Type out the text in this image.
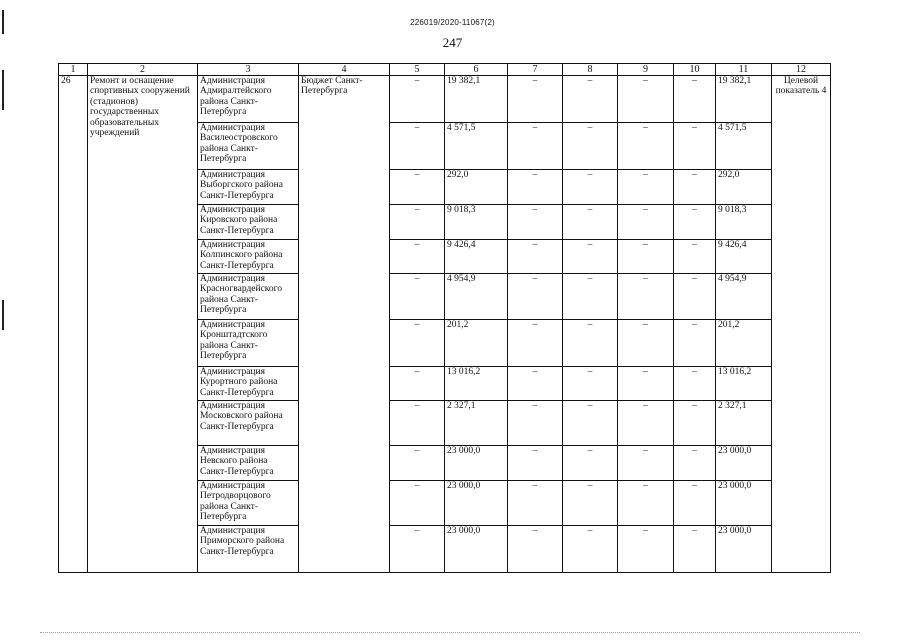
226019/2020-11067(2)
247
1	2	3	4	5	6	7	8	9	10	11	12
26	Ремонт и оснащение спортивных сооружений (стадионов) государственных образовательных учреждений	Администрация Адмиралтейского района Санкт-Петербурга	Бюджет Санкт-Петербурга	–	19 382,1	–	–	–	–	19 382,1	Целевой показатель 4
		Администрация Василеостровского района Санкт-Петербурга		–	4 571,5	–	–	–	–	4 571,5	
		Администрация Выборгского района Санкт-Петербурга		–	292,0	–	–	–	–	292,0	
		Администрация Кировского района Санкт-Петербурга		–	9 018,3	–	–	–	–	9 018,3	
		Администрация Колпинского района Санкт-Петербурга		–	9 426,4	–	–	–	–	9 426,4	
		Администрация Красногвардейского района Санкт-Петербурга		–	4 954,9	–	–	–	–	4 954,9	
		Администрация Кронштадтского района Санкт-Петербурга		–	201,2	–	–	–	–	201,2	
		Администрация Курортного района Санкт-Петербурга		–	13 016,2	–	–	–	–	13 016,2	
		Администрация Московского района Санкт-Петербурга		–	2 327,1	–	–	–	–	2 327,1	
		Администрация Невского района Санкт-Петербурга		–	23 000,0	–	–	–	–	23 000,0	
		Администрация Петродворцового района Санкт-Петербурга		–	23 000,0	–	–	–	–	23 000,0	
		Администрация Приморского района Санкт-Петербурга		–	23 000,0	–	–	–	–	23 000,0	
